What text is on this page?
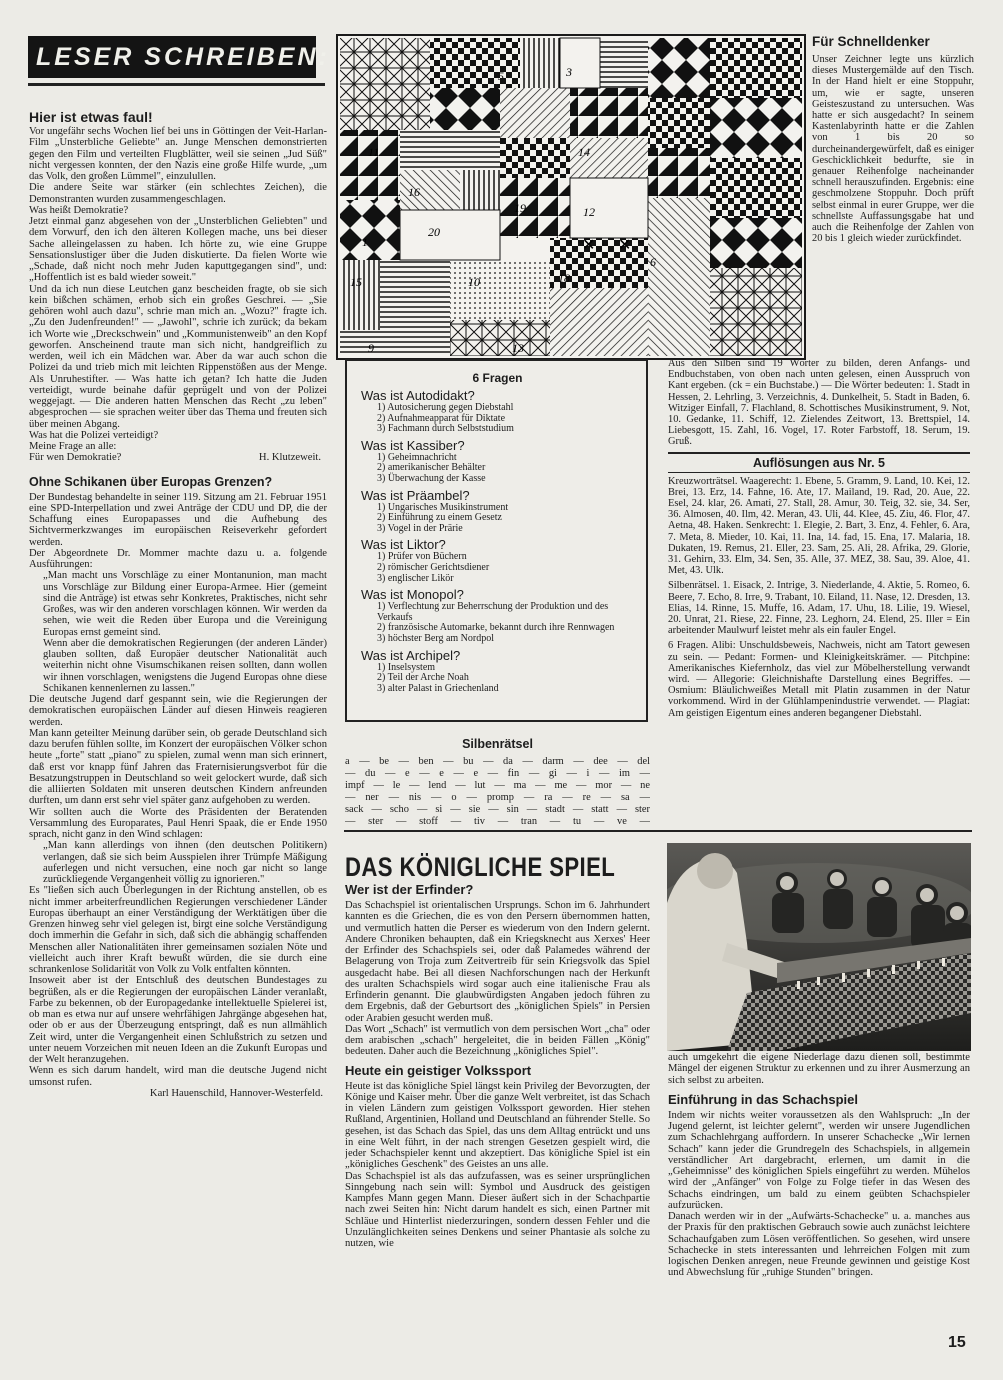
LESER SCHREIBEN:
Hier ist etwas faul!

Vor ungefähr sechs Wochen lief bei uns in Göttingen der Veit-Harlan-Film „Unsterbliche Geliebte" an. Junge Menschen demonstrierten gegen den Film und verteilten Flugblätter, weil sie seinen „Jud Süß" nicht vergessen konnten, der den Nazis eine große Hilfe wurde, „um das Volk, den großen Lümmel", einzulullen.

Die andere Seite war stärker (ein schlechtes Zeichen), die Demonstranten wurden zusammengeschlagen.

Was heißt Demokratie?

Jetzt einmal ganz abgesehen von der „Unsterblichen Geliebten" und dem Vorwurf, den ich den älteren Kollegen mache, uns bei dieser Sache alleingelassen zu haben. Ich hörte zu, wie eine Gruppe Sensationslustiger über die Juden diskutierte. Da fielen Worte wie „Schade, daß nicht noch mehr Juden kaputtgegangen sind", und: „Hoffentlich ist es bald wieder soweit."

Und da ich nun diese Leutchen ganz bescheiden fragte, ob sie sich kein bißchen schämen, erhob sich ein großes Geschrei. — „Sie gehören wohl auch dazu", schrie man mich an. „Wozu?" fragte ich. „Zu den Judenfreunden!" — „Jawohl", schrie ich zurück; da bekam ich Worte wie „Dreckschwein" und „Kommunistenweib" an den Kopf geworfen. Anscheinend traute man sich nicht, handgreiflich zu werden, weil ich ein Mädchen war. Aber da war auch schon die Polizei da und trieb mich mit leichten Rippenstößen aus der Menge. Als Unruhestifter. — Was hatte ich getan? Ich hatte die Juden verteidigt, wurde beinahe dafür geprügelt und von der Polizei weggejagt. — Die anderen hatten Menschen das Recht „zu leben" abgesprochen — sie sprachen weiter über das Thema und freuten sich über meinen Abgang.

Was hat die Polizei verteidigt?

Meine Frage an alle:

Für wen Demokratie?	H. Klutzeweit.
Ohne Schikanen über Europas Grenzen?

Der Bundestag behandelte in seiner 119. Sitzung am 21. Februar 1951 eine SPD-Interpellation und zwei Anträge der CDU und DP, die der Schaffung eines Europapasses und die Aufhebung des Sichtvermerkzwanges im europäischen Reiseverkehr gefordert werden.

Der Abgeordnete Dr. Mommer machte dazu u. a. folgende Ausführungen:

„Man macht uns Vorschläge zu einer Montanunion, man macht uns Vorschläge zur Bildung einer Europa-Armee. Hier (gemeint sind die Anträge) ist etwas sehr Konkretes, Praktisches, nicht sehr Großes, was wir den anderen vorschlagen können. Wir werden da sehen, wie weit die Reden über Europa und die Vereinigung Europas ernst gemeint sind.

Wenn aber die demokratischen Regierungen (der anderen Länder) glauben sollten, daß Europäer deutscher Nationalität auch weiterhin nicht ohne Visumschikanen reisen sollten, dann wollen wir ihnen vorschlagen, wenigstens die Jugend Europas ohne diese Schikanen kennenlernen zu lassen."

Die deutsche Jugend darf gespannt sein, wie die Regierungen der demokratischen europäischen Länder auf diesen Hinweis reagieren werden.

Man kann geteilter Meinung darüber sein, ob gerade Deutschland sich dazu berufen fühlen sollte, im Konzert der europäischen Völker schon heute „forte" statt „piano" zu spielen, zumal wenn man sich erinnert, daß erst vor knapp fünf Jahren das Fraternisierungsverbot für die Besatzungstruppen in Deutschland so weit gelockert wurde, daß sich die alliierten Soldaten mit unseren deutschen Kindern anfreunden durften, um dann erst sehr viel später ganz aufgehoben zu werden.

Wir sollten auch die Worte des Präsidenten der Beratenden Versammlung des Europarates, Paul Henri Spaak, die er Ende 1950 sprach, nicht ganz in den Wind schlagen:

„Man kann allerdings von ihnen (den deutschen Politikern) verlangen, daß sie sich beim Ausspielen ihrer Trümpfe Mäßigung auferlegen und nicht versuchen, eine noch gar nicht so lange zurückliegende Vergangenheit völlig zu ignorieren."

Es "ließen sich auch Überlegungen in der Richtung anstellen, ob es nicht immer arbeiterfreundlichen Regierungen verschiedener Länder Europas überhaupt an einer Verständigung der Werktätigen über die Grenzen hinweg sehr viel gelegen ist, birgt eine solche Verständigung doch immerhin die Gefahr in sich, daß sich die abhängig schaffenden Menschen aller Nationalitäten ihrer gemeinsamen sozialen Nöte und vielleicht auch ihrer Kraft bewußt würden, die sie durch eine schrankenlose Solidarität von Volk zu Volk entfalten könnten.

Insoweit aber ist der Entschluß des deutschen Bundestages zu begrüßen, als er die Regierungen der europäischen Länder veranlaßt, Farbe zu bekennen, ob der Europagedanke intellektuelle Spielerei ist, ob man es etwa nur auf unsere wehrfähigen Jahrgänge abgesehen hat, oder ob er aus der Überzeugung entspringt, daß es nun allmählich Zeit wird, unter die Vergangenheit einen Schlußstrich zu setzen und unter neuem Vorzeichen mit neuen Ideen an die Zukunft Europas und der Welt heranzugehen.

Wenn es sich darum handelt, wird man die deutsche Jugend nicht umsonst rufen.

Karl Hauenschild, Hannover-Westerfeld.
3
5
1
20
12
9
10
16
15
14
6
5
11
18
13
19
✕ ✕
Für Schnelldenker
Unser Zeichner legte uns kürzlich dieses Mustergemälde auf den Tisch. In der Hand hielt er eine Stoppuhr, um, wie er sagte, unseren Geisteszustand zu untersuchen. Was hatte er sich ausgedacht? In seinem Kastenlabyrinth hatte er die Zahlen von 1 bis 20 so durcheinandergewürfelt, daß es einiger Geschicklichkeit bedurfte, sie in genauer Reihenfolge nacheinander schnell herauszufinden. Ergebnis: eine geschmolzene Stoppuhr. Doch prüft selbst einmal in eurer Gruppe, wer die schnellste Auffassungsgabe hat und auch die Reihenfolge der Zahlen von 20 bis 1 gleich wieder zurückfindet.
6 Fragen
Was ist Autodidakt?
1) Autosicherung gegen Diebstahl
2) Aufnahmeapparat für Diktate
3) Fachmann durch Selbststudium
Was ist Kassiber?
1) Geheimnachricht
2) amerikanischer Behälter
3) Überwachung der Kasse
Was ist Präambel?
1) Ungarisches Musikinstrument
2) Einführung zu einem Gesetz
3) Vogel in der Prärie
Was ist Liktor?
1) Prüfer von Büchern
2) römischer Gerichtsdiener
3) englischer Likör
Was ist Monopol?
1) Verflechtung zur Beherrschung der Produktion und des Verkaufs
2) französische Automarke, bekannt durch ihre Rennwagen
3) höchster Berg am Nordpol
Was ist Archipel?
1) Inselsystem
2) Teil der Arche Noah
3) alter Palast in Griechenland
Silbenrätsel
a — be — ben — bu — da — darm — dee — del
— du — e — e — e — fin — gi — i — im —
impf — le — lend — lut — ma — me — mor — ne
— ner — nis — o — promp — ra — re — sa —
sack — scho — si — sie — sin — stadt — statt — ster
— ster — stoff — tiv — tran — tu — ve —
Aus den Silben sind 19 Wörter zu bilden, deren Anfangs- und Endbuchstaben, von oben nach unten gelesen, einen Ausspruch von Kant ergeben. (ck = ein Buchstabe.) — Die Wörter bedeuten: 1. Stadt in Hessen, 2. Lehrling, 3. Verzeichnis, 4. Dunkelheit, 5. Stadt in Baden, 6. Witziger Einfall, 7. Flachland, 8. Schottisches Musikinstrument, 9. Not, 10. Gedanke, 11. Schiff, 12. Zielendes Zeitwort, 13. Brettspiel, 14. Liebesgott, 15. Zahl, 16. Vogel, 17. Roter Farbstoff, 18. Serum, 19. Gruß.
Auflösungen aus Nr. 5
Kreuzworträtsel. Waagerecht: 1. Ebene, 5. Gramm, 9. Land, 10. Kei, 12. Brei, 13. Erz, 14. Fahne, 16. Ate, 17. Mailand, 19. Rad, 20. Aue, 22. Esel, 24. klar, 26. Amati, 27. Stall, 28. Amur, 30. Teig, 32. sie, 34. Ser, 36. Almosen, 40. Ilm, 42. Meran, 43. Uli, 44. Klee, 45. Ziu, 46. Flor, 47. Aetna, 48. Haken. Senkrecht: 1. Elegie, 2. Bart, 3. Enz, 4. Fehler, 6. Ara, 7. Meta, 8. Mieder, 10. Kai, 11. Ina, 14. fad, 15. Ena, 17. Malaria, 18. Dukaten, 19. Remus, 21. Eller, 23. Sam, 25. Ali, 28. Afrika, 29. Glorie, 31. Gehirn, 33. Elm, 34. Sen, 35. Alle, 37. MEZ, 38. Sau, 39. Aloe, 41. Met, 43. Ulk.
Silbenrätsel. 1. Eisack, 2. Intrige, 3. Niederlande, 4. Aktie, 5. Romeo, 6. Beere, 7. Echo, 8. Irre, 9. Trabant, 10. Eiland, 11. Nase, 12. Dresden, 13. Elias, 14. Rinne, 15. Muffe, 16. Adam, 17. Uhu, 18. Lilie, 19. Wiesel, 20. Unrat, 21. Riese, 22. Finne, 23. Leghorn, 24. Elend, 25. Iller = Ein arbeitender Maulwurf leistet mehr als ein fauler Engel.
6 Fragen. Alibi: Unschuldsbeweis, Nachweis, nicht am Tatort gewesen zu sein. — Pedant: Formen- und Kleinigkeitskrämer. — Pitchpine: Amerikanisches Kiefernholz, das viel zur Möbelherstellung verwandt wird. — Allegorie: Gleichnishafte Darstellung eines Begriffes. — Osmium: Bläulichweißes Metall mit Platin zusammen in der Natur vorkommend. Wird in der Glühlampenindustrie verwendet. — Plagiat: Am geistigen Eigentum eines anderen begangener Diebstahl.
DAS KÖNIGLICHE SPIEL
Wer ist der Erfinder?

Das Schachspiel ist orientalischen Ursprungs. Schon im 6. Jahrhundert kannten es die Griechen, die es von den Persern übernommen hatten, und vermutlich hatten die Perser es wiederum von den Indern gelernt. Andere Chroniken behaupten, daß ein Kriegsknecht aus Xerxes' Heer der Erfinder des Schachspiels sei, oder daß Palamedes während der Belagerung von Troja zum Zeitvertreib für sein Kriegsvolk das Spiel ausgedacht habe. Bei all diesen Nachforschungen nach der Herkunft des uralten Schachspiels wird sogar auch eine italienische Frau als Erfinderin genannt. Die glaubwürdigsten Angaben jedoch führen zu dem Ergebnis, daß der Geburtsort des „königlichen Spiels" in Persien oder Arabien gesucht werden muß.

Das Wort „Schach" ist vermutlich von dem persischen Wort „cha" oder dem arabischen „schach" hergeleitet, die in beiden Fällen „König" bedeuten. Daher auch die Bezeichnung „königliches Spiel".

Heute ein geistiger Volkssport

Heute ist das königliche Spiel längst kein Privileg der Bevorzugten, der Könige und Kaiser mehr. Über die ganze Welt verbreitet, ist das Schach in vielen Ländern zum geistigen Volkssport geworden. Hier stehen Rußland, Argentinien, Holland und Deutschland an führender Stelle. So gesehen, ist das Schach das Spiel, das uns dem Alltag entrückt und uns in eine Welt führt, in der nach strengen Gesetzen gespielt wird, die jeder Schachspieler kennt und akzeptiert. Das königliche Spiel ist ein „königliches Geschenk" des Geistes an uns alle.

Das Schachspiel ist als das aufzufassen, was es seiner ursprünglichen Sinngebung nach sein will: Symbol und Ausdruck des geistigen Kampfes Mann gegen Mann. Dieser äußert sich in der Schachpartie nach zwei Seiten hin: Nicht darum handelt es sich, einen Partner mit Schläue und Hinterlist niederzuringen, sondern dessen Fehler und die Unzulänglichkeiten seines Denkens und seiner Phantasie als solche zu nutzen, wie

auch umgekehrt die eigene Niederlage dazu dienen soll, bestimmte Mängel der eigenen Struktur zu erkennen und zu ihrer Ausmerzung an sich selbst zu arbeiten.
Einführung in das Schachspiel

Indem wir nichts weiter voraussetzen als den Wahlspruch: „In der Jugend gelernt, ist leichter gelernt", werden wir unsere Jugendlichen zum Schachlehrgang auffordern. In unserer Schachecke „Wir lernen Schach" kann jeder die Grundregeln des Schachspiels, in allgemein verständlicher Art dargebracht, erlernen, um damit in die „Geheimnisse" des königlichen Spiels eingeführt zu werden. Mühelos wird der „Anfänger" von Folge zu Folge tiefer in das Wesen des Schachs eindringen, um bald zu einem geübten Schachspieler aufzurücken.

Danach werden wir in der „Aufwärts-Schachecke" u. a. manches aus der Praxis für den praktischen Gebrauch sowie auch zunächst leichtere Schachaufgaben zum Lösen veröffentlichen. So gesehen, wird unsere Schachecke in stets interessanten und lehrreichen Folgen mit zum logischen Denken anregen, neue Freunde gewinnen und geistige Kost und Abwechslung für „ruhige Stunden" bringen.

15
